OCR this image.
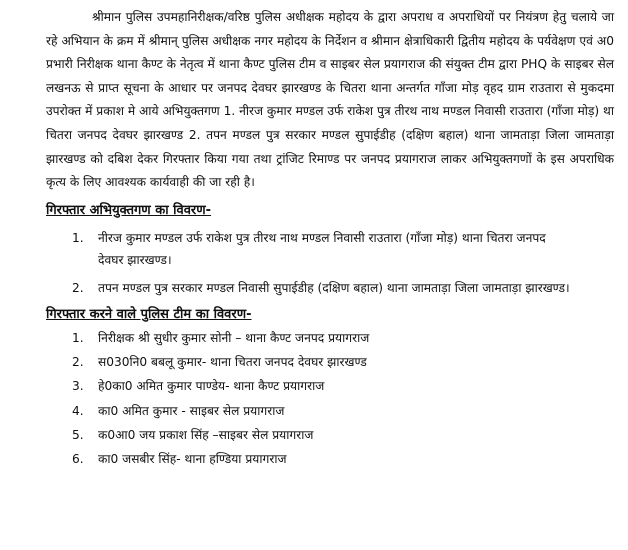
श्रीमान पुलिस उपमहानिरीक्षक/वरिष्ठ पुलिस अधीक्षक महोदय के द्वारा अपराध व अपराधियों पर नियंत्रण हेतु चलाये जा रहे अभियान के क्रम में श्रीमान् पुलिस अधीक्षक नगर महोदय के निर्देशन व श्रीमान क्षेत्राधिकारी द्वितीय महोदय के पर्यवेक्षण एवं अ0 प्रभारी निरीक्षक थाना कैण्ट के नेतृत्व में थाना कैण्ट पुलिस टीम व साइबर सेल प्रयागराज की संयुक्त टीम द्वारा PHQ के साइबर सेल लखनऊ से प्राप्त सूचना के आधार पर जनपद देवघर झारखण्ड के चितरा थाना अन्तर्गत गाँजा मोड़ वृहद ग्राम राउतारा से मुकदमा उपरोक्त में प्रकाश मे आये अभियुक्तगण 1. नीरज कुमार मण्डल उर्फ राकेश पुत्र तीरथ नाथ मण्डल निवासी राउतारा (गाँजा मोड़) था चितरा जनपद देवघर झारखण्ड 2. तपन मण्डल पुत्र सरकार मण्डल सुपाईडीह (दक्षिण बहाल) थाना जामताड़ा जिला जामताड़ा झारखण्ड को दबिश देकर गिरफ्तार किया गया तथा ट्रांजिट रिमाण्ड पर जनपद प्रयागराज लाकर अभियुक्तगणों के इस अपराधिक कृत्य के लिए आवश्यक कार्यवाही की जा रही है।

गिरफ्तार अभियुक्तगण का विवरण-

1. नीरज कुमार मण्डल उर्फ राकेश पुत्र तीरथ नाथ मण्डल निवासी राउतारा (गाँजा मोड़) थाना चितरा जनपद
देवघर झारखण्ड।
2. तपन मण्डल पुत्र सरकार मण्डल निवासी सुपाईडीह (दक्षिण बहाल) थाना जामताड़ा जिला जामताड़ा झारखण्ड।

गिरफ्तार करने वाले पुलिस टीम का विवरण-

1. निरीक्षक श्री सुधीर कुमार सोनी – थाना कैण्ट जनपद प्रयागराज
2. स030नि0 बबलू कुमार- थाना चितरा जनपद देवघर झारखण्ड
3. हे0का0 अमित कुमार पाण्डेय- थाना कैण्ट प्रयागराज
4. का0 अमित कुमार - साइबर सेल प्रयागराज
5. क0आ0 जय प्रकाश सिंह –साइबर सेल प्रयागराज
6. का0 जसबीर सिंह- थाना हण्डिया प्रयागराज
